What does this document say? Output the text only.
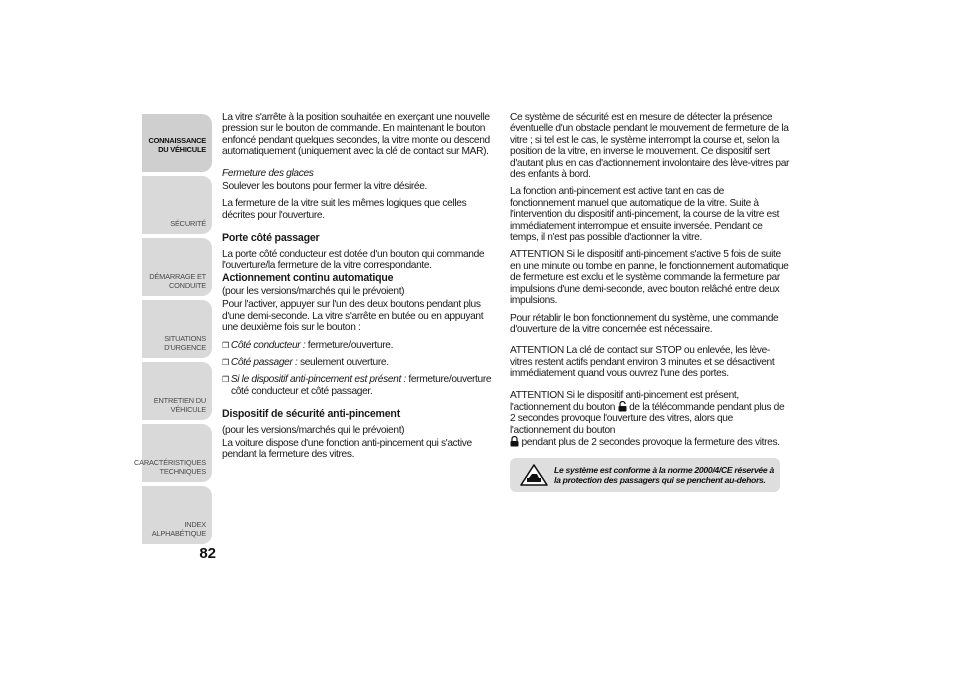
CONNAISSANCE
DU VÉHICULE
SÉCURITÉ
DÉMARRAGE ET
CONDUITE
SITUATIONS
D'URGENCE
ENTRETIEN DU
VÉHICULE
CARACTÉRISTIQUES
TECHNIQUES
INDEX
ALPHABÉTIQUE
82

La vitre s'arrête à la position souhaitée en exerçant une nouvelle pression sur le bouton de commande. En maintenant le bouton enfoncé pendant quelques secondes, la vitre monte ou descend automatiquement (uniquement avec la clé de contact sur MAR).

Fermeture des glaces

Soulever les boutons pour fermer la vitre désirée.

La fermeture de la vitre suit les mêmes logiques que celles décrites pour l'ouverture.

Porte côté passager

La porte côté conducteur est dotée d'un bouton qui commande l'ouverture/la fermeture de la vitre correspondante.

Actionnement continu automatique

(pour les versions/marchés qui le prévoient)

Pour l'activer, appuyer sur l'un des deux boutons pendant plus d'une demi-seconde. La vitre s'arrête en butée ou en appuyant une deuxième fois sur le bouton :

❒ Côté conducteur : fermeture/ouverture.

❒ Côté passager : seulement ouverture.

❒ Si le dispositif anti-pincement est présent : fermeture/ouverture côté conducteur et côté passager.

Dispositif de sécurité anti-pincement

(pour les versions/marchés qui le prévoient)

La voiture dispose d'une fonction anti-pincement qui s'active pendant la fermeture des vitres.

Ce système de sécurité est en mesure de détecter la présence éventuelle d'un obstacle pendant le mouvement de fermeture de la vitre ; si tel est le cas, le système interrompt la course et, selon la position de la vitre, en inverse le mouvement. Ce dispositif sert d'autant plus en cas d'actionnement involontaire des lève-vitres par des enfants à bord.

La fonction anti-pincement est active tant en cas de fonctionnement manuel que automatique de la vitre. Suite à l'intervention du dispositif anti-pincement, la course de la vitre est immédiatement interrompue et ensuite inversée. Pendant ce temps, il n'est pas possible d'actionner la vitre.

ATTENTION Si le dispositif anti-pincement s'active 5 fois de suite en une minute ou tombe en panne, le fonctionnement automatique de fermeture est exclu et le système commande la fermeture par impulsions d'une demi-seconde, avec bouton relâché entre deux impulsions.

Pour rétablir le bon fonctionnement du système, une commande d'ouverture de la vitre concernée est nécessaire.

ATTENTION La clé de contact sur STOP ou enlevée, les lève-vitres restent actifs pendant environ 3 minutes et se désactivent immédiatement quand vous ouvrez l'une des portes.

ATTENTION Si le dispositif anti-pincement est présent, l'actionnement du bouton  de la télécommande pendant plus de 2 secondes provoque l'ouverture des vitres, alors que l'actionnement du bouton
pendant plus de 2 secondes provoque la fermeture des vitres.

Le système est conforme à la norme 2000/4/CE réservée à la protection des passagers qui se penchent au-dehors.
